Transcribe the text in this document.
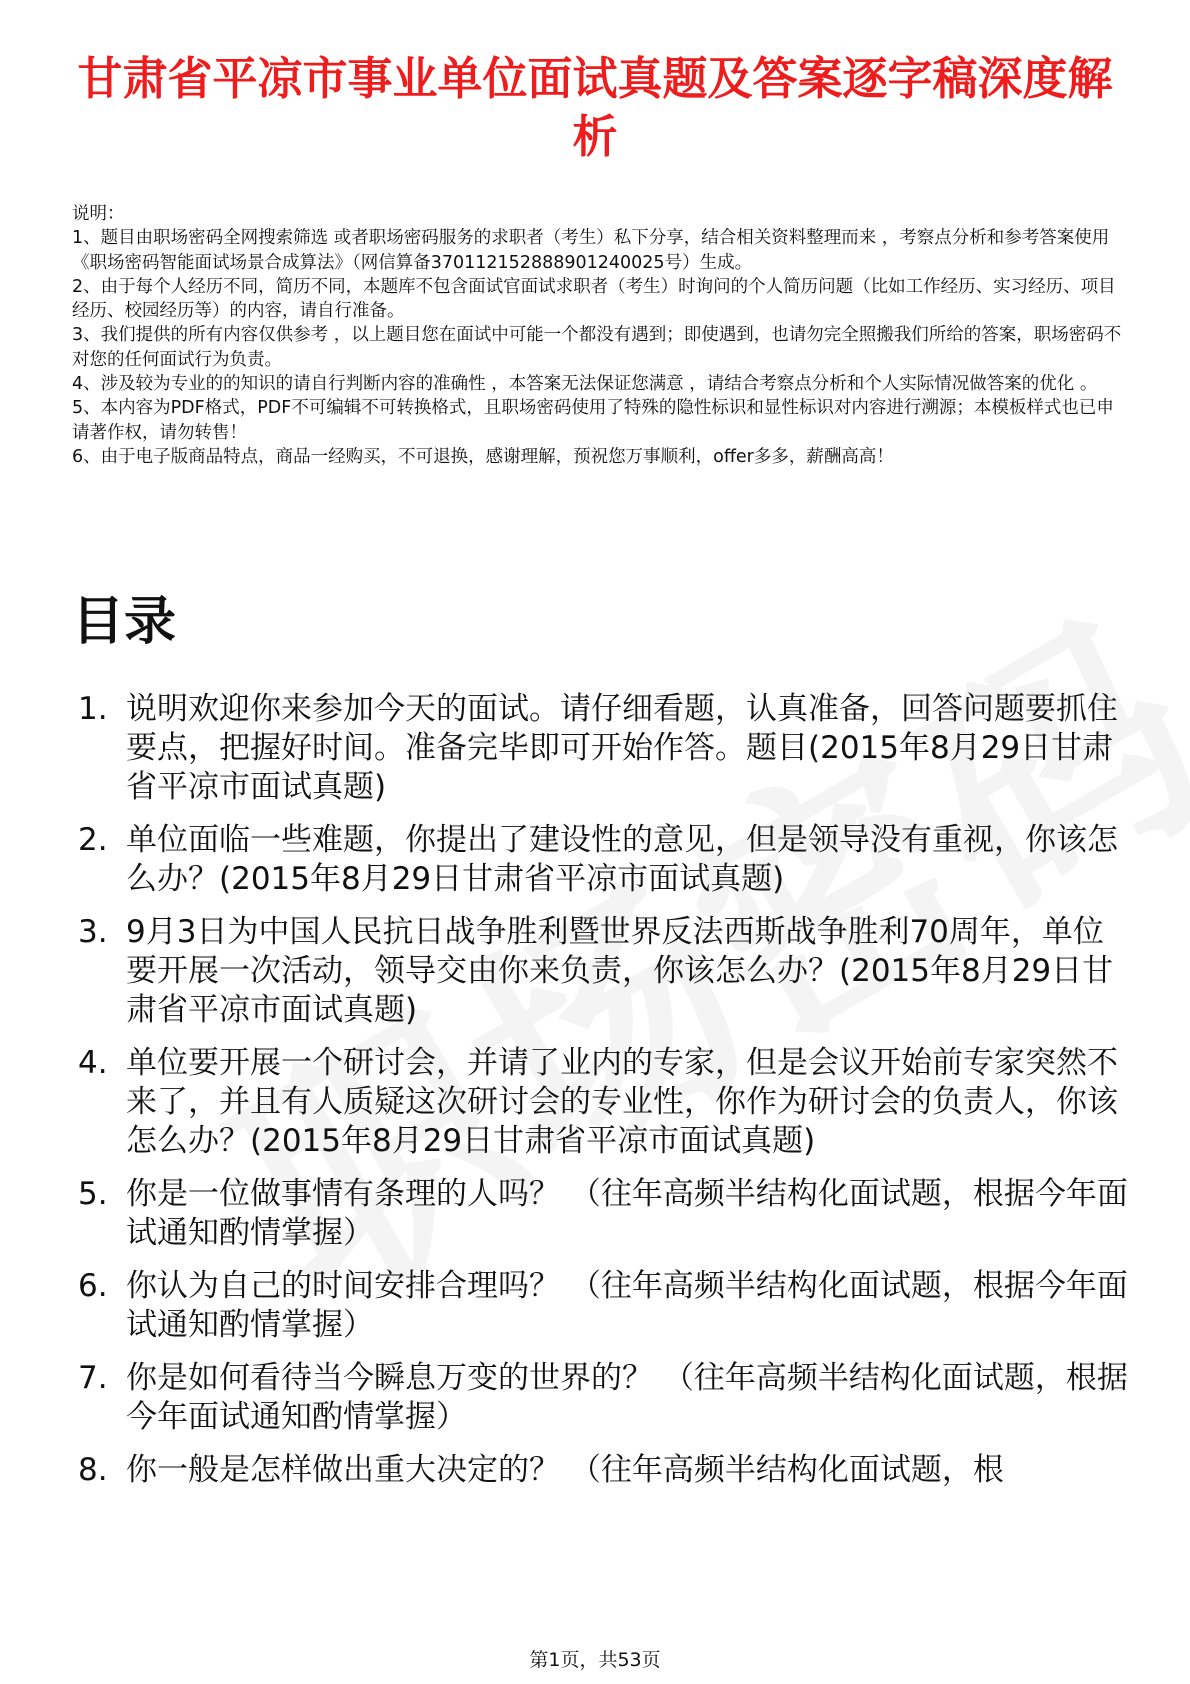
甘肃省平凉市事业单位面试真题及答案逐字稿深度解析

说明：

1、题目由职场密码全网搜索筛选 或者职场密码服务的求职者（考生）私下分享，结合相关资料整理而来 ，考察点分析和参考答案使用《职场密码智能面试场景合成算法》（网信算备370112152888901240025号）生成。

2、由于每个人经历不同，简历不同，本题库不包含面试官面试求职者（考生）时询问的个人简历问题（比如工作经历、实习经历、项目经历、校园经历等）的内容，请自行准备。

3、我们提供的所有内容仅供参考 ，以上题目您在面试中可能一个都没有遇到；即使遇到，也请勿完全照搬我们所给的答案，职场密码不对您的任何面试行为负责。

4、涉及较为专业的的知识的请自行判断内容的准确性 ，本答案无法保证您满意 ，请结合考察点分析和个人实际情况做答案的优化 。

5、本内容为PDF格式，PDF不可编辑不可转换格式，且职场密码使用了特殊的隐性标识和显性标识对内容进行溯源；本模板样式也已申请著作权，请勿转售！

6、由于电子版商品特点，商品一经购买，不可退换，感谢理解，预祝您万事顺利，offer多多，薪酬高高！

目录
1. 说明欢迎你来参加今天的面试。请仔细看题，认真准备，回答问题要抓住要点，把握好时间。准备完毕即可开始作答。题目(2015年8月29日甘肃省平凉市面试真题)
2. 单位面临一些难题，你提出了建设性的意见，但是领导没有重视，你该怎么办？(2015年8月29日甘肃省平凉市面试真题)
3. 9月3日为中国人民抗日战争胜利暨世界反法西斯战争胜利70周年，单位要开展一次活动，领导交由你来负责，你该怎么办？(2015年8月29日甘肃省平凉市面试真题)
4. 单位要开展一个研讨会，并请了业内的专家，但是会议开始前专家突然不来了，并且有人质疑这次研讨会的专业性，你作为研讨会的负责人，你该怎么办？(2015年8月29日甘肃省平凉市面试真题)
5. 你是一位做事情有条理的人吗？ （往年高频半结构化面试题，根据今年面试通知酌情掌握）
6. 你认为自己的时间安排合理吗？ （往年高频半结构化面试题，根据今年面试通知酌情掌握）
7. 你是如何看待当今瞬息万变的世界的？ （往年高频半结构化面试题，根据今年面试通知酌情掌握）
8. 你一般是怎样做出重大决定的？ （往年高频半结构化面试题，根
第1页，共53页
